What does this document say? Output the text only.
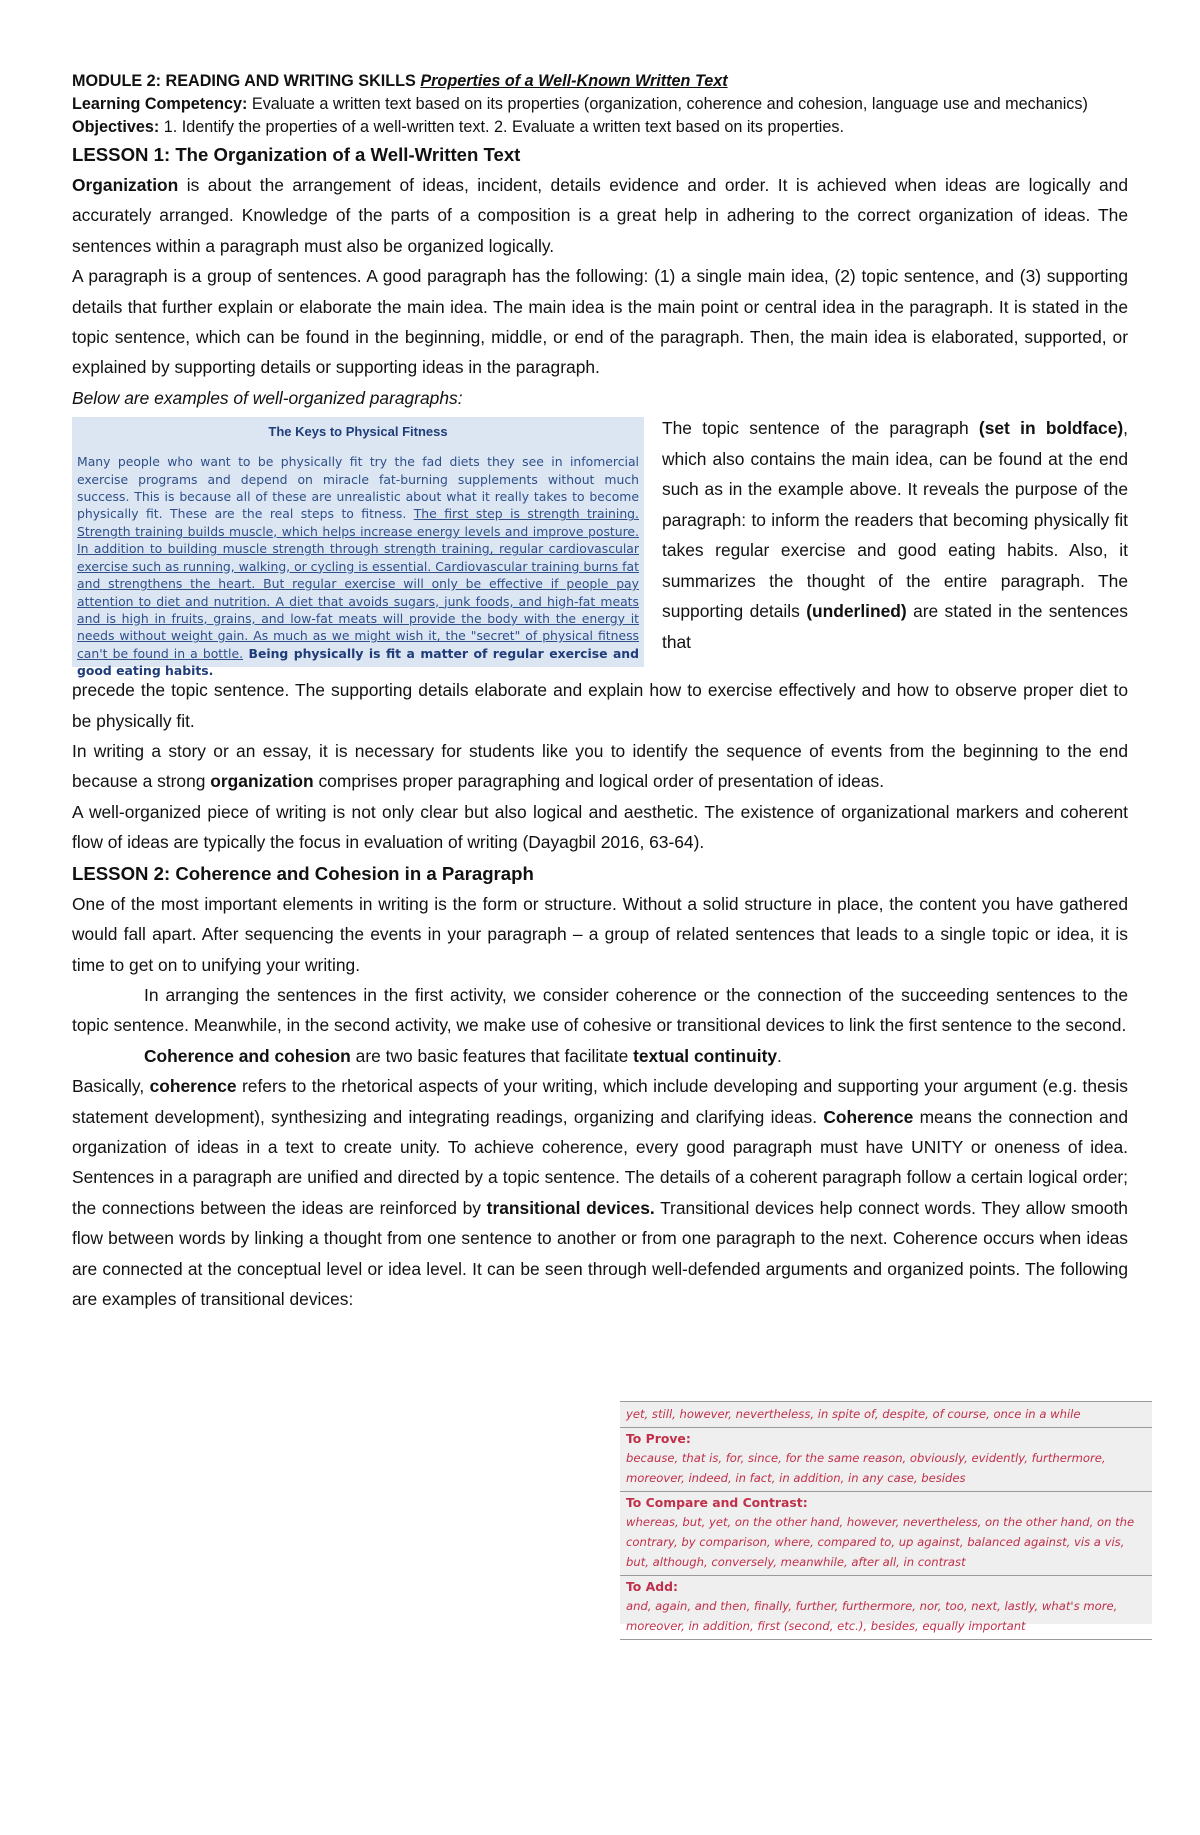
MODULE 2: READING AND WRITING SKILLS Properties of a Well-Known Written Text

Learning Competency: Evaluate a written text based on its properties (organization, coherence and cohesion, language use and mechanics)

Objectives: 1. Identify the properties of a well-written text. 2. Evaluate a written text based on its properties.

LESSON 1: The Organization of a Well-Written Text

Organization is about the arrangement of ideas, incident, details evidence and order. It is achieved when ideas are logically and accurately arranged. Knowledge of the parts of a composition is a great help in adhering to the correct organization of ideas. The sentences within a paragraph must also be organized logically.

A paragraph is a group of sentences. A good paragraph has the following: (1) a single main idea, (2) topic sentence, and (3) supporting details that further explain or elaborate the main idea. The main idea is the main point or central idea in the paragraph. It is stated in the topic sentence, which can be found in the beginning, middle, or end of the paragraph. Then, the main idea is elaborated, supported, or explained by supporting details or supporting ideas in the paragraph.

Below are examples of well-organized paragraphs:

The Keys to Physical Fitness
Many people who want to be physically fit try the fad diets they see in infomercial exercise programs and depend on miracle fat-burning supplements without much success. This is because all of these are unrealistic about what it really takes to become physically fit. These are the real steps to fitness. The first step is strength training. Strength training builds muscle, which helps increase energy levels and improve posture. In addition to building muscle strength through strength training, regular cardiovascular exercise such as running, walking, or cycling is essential. Cardiovascular training burns fat and strengthens the heart. But regular exercise will only be effective if people pay attention to diet and nutrition. A diet that avoids sugars, junk foods, and high-fat meats and is high in fruits, grains, and low-fat meats will provide the body with the energy it needs without weight gain. As much as we might wish it, the "secret" of physical fitness can't be found in a bottle. Being physically is fit a matter of regular exercise and good eating habits.

The topic sentence of the paragraph (set in boldface), which also contains the main idea, can be found at the end such as in the example above. It reveals the purpose of the paragraph: to inform the readers that becoming physically fit takes regular exercise and good eating habits. Also, it summarizes the thought of the entire paragraph. The supporting details (underlined) are stated in the sentences that

precede the topic sentence. The supporting details elaborate and explain how to exercise effectively and how to observe proper diet to be physically fit.

In writing a story or an essay, it is necessary for students like you to identify the sequence of events from the beginning to the end because a strong organization comprises proper paragraphing and logical order of presentation of ideas.

A well-organized piece of writing is not only clear but also logical and aesthetic. The existence of organizational markers and coherent flow of ideas are typically the focus in evaluation of writing (Dayagbil 2016, 63-64).

LESSON 2: Coherence and Cohesion in a Paragraph

One of the most important elements in writing is the form or structure. Without a solid structure in place, the content you have gathered would fall apart. After sequencing the events in your paragraph – a group of related sentences that leads to a single topic or idea, it is time to get on to unifying your writing.

In arranging the sentences in the first activity, we consider coherence or the connection of the succeeding sentences to the topic sentence. Meanwhile, in the second activity, we make use of cohesive or transitional devices to link the first sentence to the second.

Coherence and cohesion are two basic features that facilitate textual continuity.

Basically, coherence refers to the rhetorical aspects of your writing, which include developing and supporting your argument (e.g. thesis statement development), synthesizing and integrating readings, organizing and clarifying ideas. Coherence means the connection and organization of ideas in a text to create unity. To achieve coherence, every good paragraph must have UNITY or oneness of idea. Sentences in a paragraph are unified and directed by a topic sentence. The details of a coherent paragraph follow a certain logical order; the connections between the ideas are reinforced by transitional devices. Transitional devices help connect words. They allow smooth flow between words by linking a thought from one sentence to another or from one paragraph to the next. Coherence occurs when ideas are connected at the conceptual level or idea level. It can be seen through well-defended arguments and organized points. The following are examples of transitional devices:

yet, still, however, nevertheless, in spite of, despite, of course, once in a while
To Prove:
because, that is, for, since, for the same reason, obviously, evidently, furthermore, moreover, indeed, in fact, in addition, in any case, besides
To Compare and Contrast:
whereas, but, yet, on the other hand, however, nevertheless, on the other hand, on the contrary, by comparison, where, compared to, up against, balanced against, vis a vis, but, although, conversely, meanwhile, after all, in contrast
To Add:
and, again, and then, finally, further, furthermore, nor, too, next, lastly, what's more, moreover, in addition, first (second, etc.), besides, equally important
